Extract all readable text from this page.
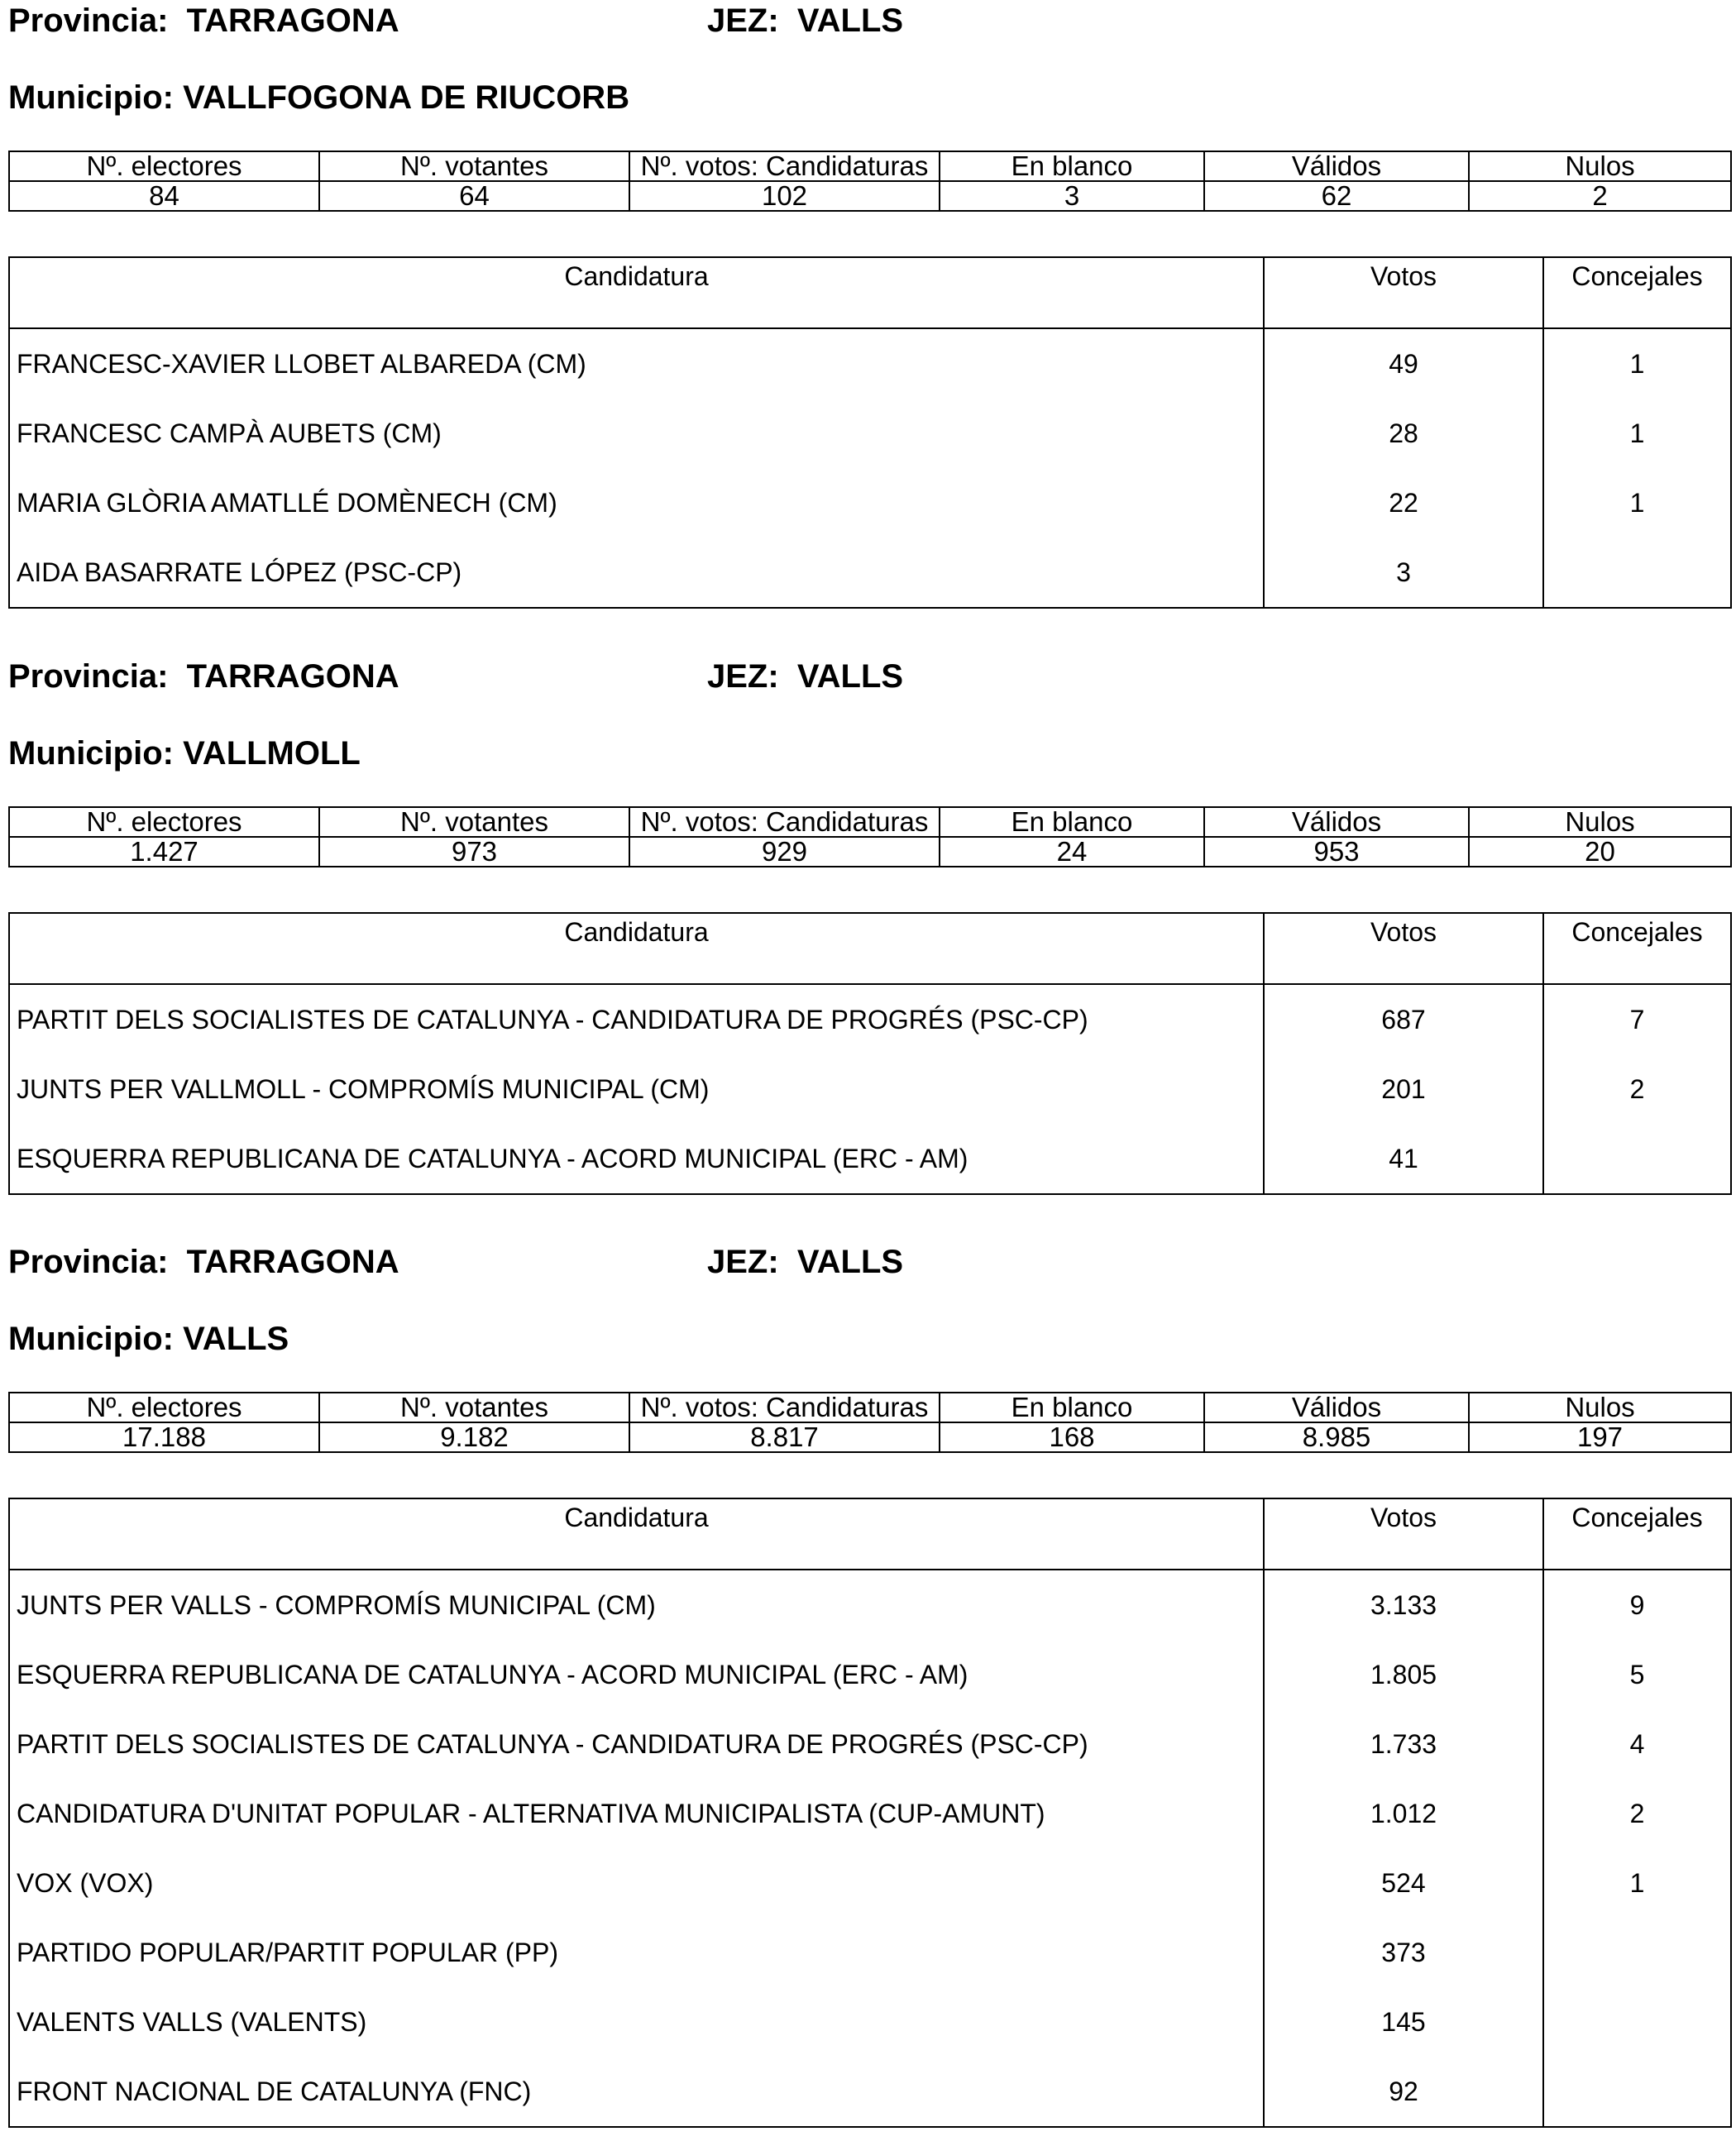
Provincia: TARRAGONA	JEZ: VALLS
Municipio: VALLFOGONA DE RIUCORB
Nº. electores	Nº. votantes	Nº. votos: Candidaturas	En blanco	Válidos	Nulos
84	64	102	3	62	2
Candidatura	Votos	Concejales
FRANCESC-XAVIER LLOBET ALBAREDA (CM)	49	1
FRANCESC CAMPÀ AUBETS (CM)	28	1
MARIA GLÒRIA AMATLLÉ DOMÈNECH (CM)	22	1
AIDA BASARRATE LÓPEZ (PSC-CP)	3	
Provincia: TARRAGONA	JEZ: VALLS
Municipio: VALLMOLL
Nº. electores	Nº. votantes	Nº. votos: Candidaturas	En blanco	Válidos	Nulos
1.427	973	929	24	953	20
Candidatura	Votos	Concejales
PARTIT DELS SOCIALISTES DE CATALUNYA - CANDIDATURA DE PROGRÉS (PSC-CP)	687	7
JUNTS PER VALLMOLL - COMPROMÍS MUNICIPAL (CM)	201	2
ESQUERRA REPUBLICANA DE CATALUNYA - ACORD MUNICIPAL (ERC - AM)	41	
Provincia: TARRAGONA	JEZ: VALLS
Municipio: VALLS
Nº. electores	Nº. votantes	Nº. votos: Candidaturas	En blanco	Válidos	Nulos
17.188	9.182	8.817	168	8.985	197
Candidatura	Votos	Concejales
JUNTS PER VALLS - COMPROMÍS MUNICIPAL (CM)	3.133	9
ESQUERRA REPUBLICANA DE CATALUNYA - ACORD MUNICIPAL (ERC - AM)	1.805	5
PARTIT DELS SOCIALISTES DE CATALUNYA - CANDIDATURA DE PROGRÉS (PSC-CP)	1.733	4
CANDIDATURA D'UNITAT POPULAR - ALTERNATIVA MUNICIPALISTA (CUP-AMUNT)	1.012	2
VOX (VOX)	524	1
PARTIDO POPULAR/PARTIT POPULAR (PP)	373	
VALENTS VALLS (VALENTS)	145	
FRONT NACIONAL DE CATALUNYA (FNC)	92	
